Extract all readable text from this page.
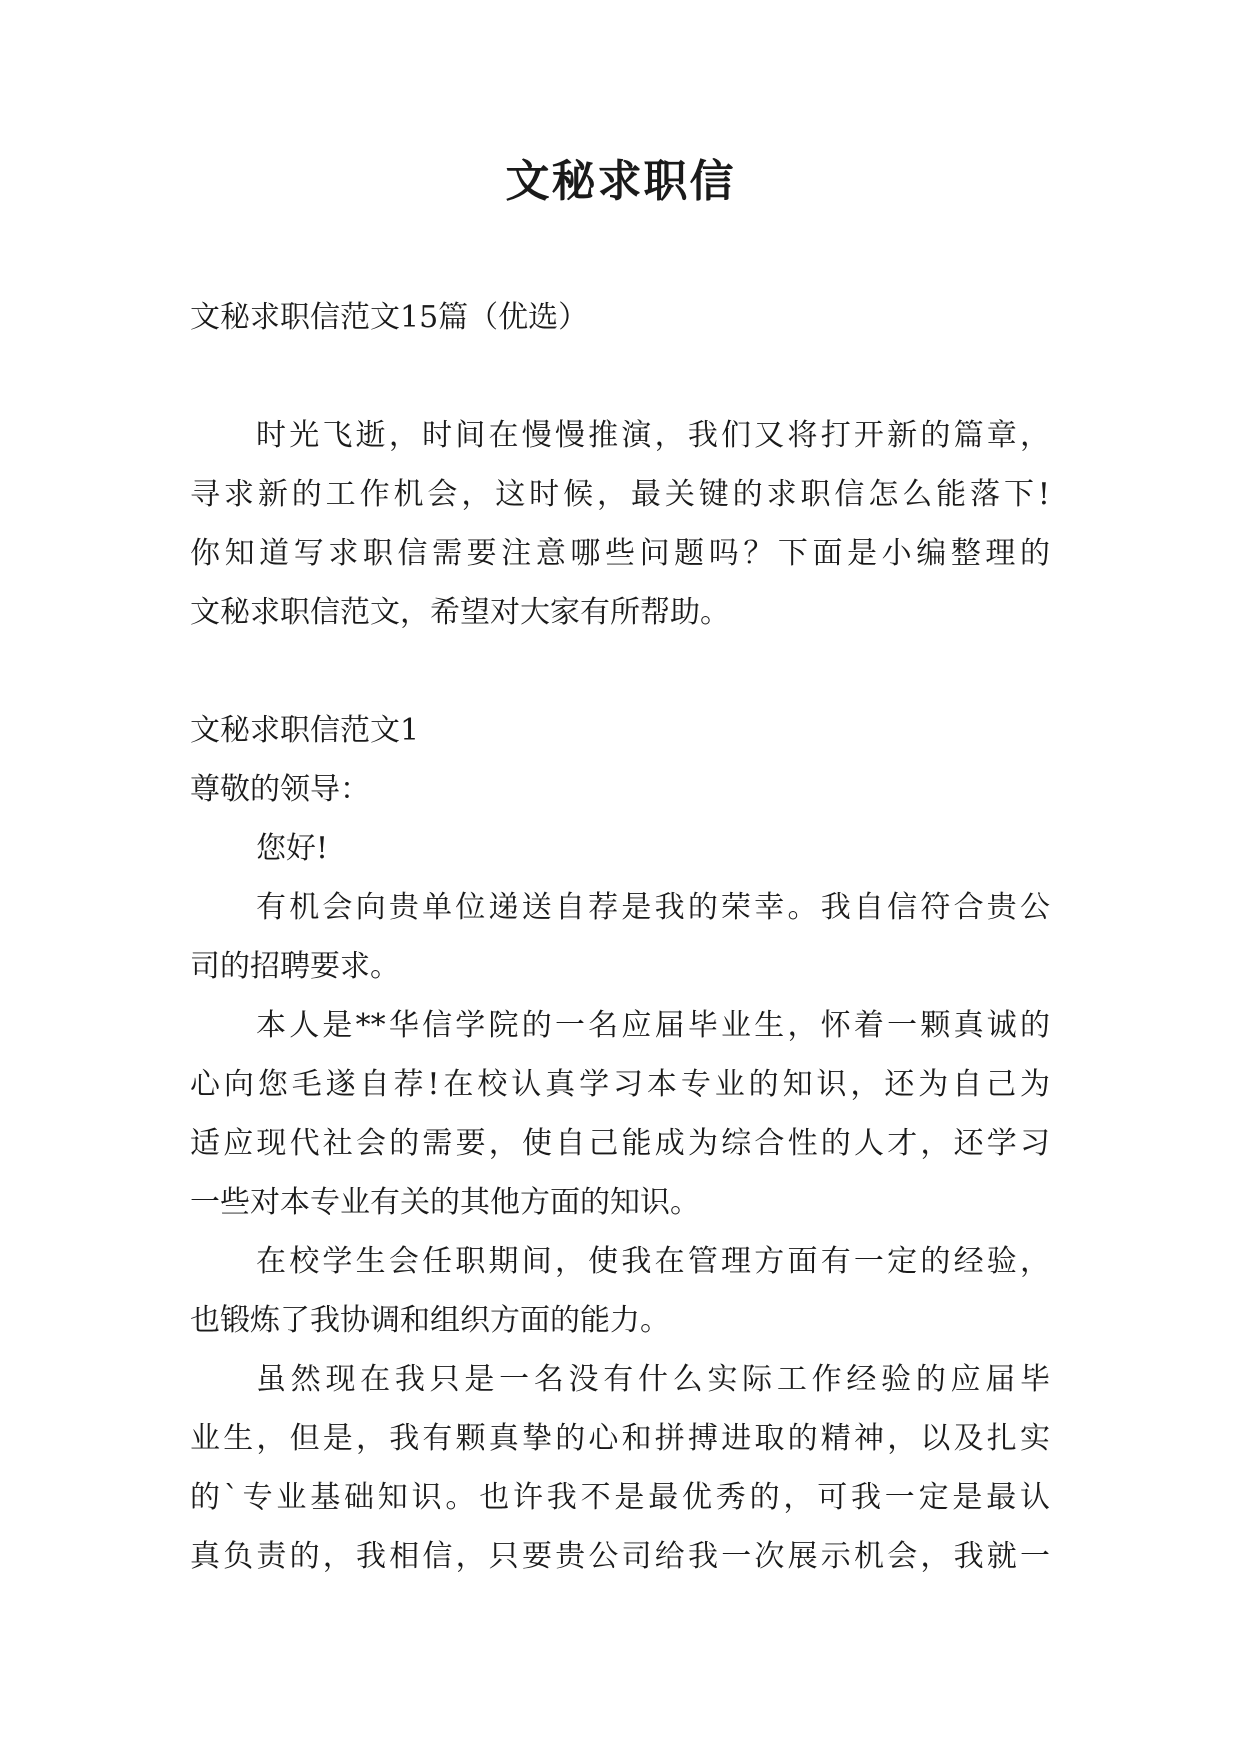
文秘求职信
文秘求职信范文15篇（优选）
时光飞逝，时间在慢慢推演，我们又将打开新的篇章，
寻求新的工作机会，这时候，最关键的求职信怎么能落下!
你知道写求职信需要注意哪些问题吗？下面是小编整理的
文秘求职信范文，希望对大家有所帮助。
文秘求职信范文1
尊敬的领导：
您好!
有机会向贵单位递送自荐是我的荣幸。我自信符合贵公
司的招聘要求。
本人是**华信学院的一名应届毕业生，怀着一颗真诚的
心向您毛遂自荐!在校认真学习本专业的知识，还为自己为
适应现代社会的需要，使自己能成为综合性的人才，还学习
一些对本专业有关的其他方面的知识。
在校学生会任职期间，使我在管理方面有一定的经验，
也锻炼了我协调和组织方面的能力。
虽然现在我只是一名没有什么实际工作经验的应届毕
业生，但是，我有颗真挚的心和拼搏进取的精神，以及扎实
的`专业基础知识。也许我不是最优秀的，可我一定是最认
真负责的，我相信，只要贵公司给我一次展示机会，我就一
